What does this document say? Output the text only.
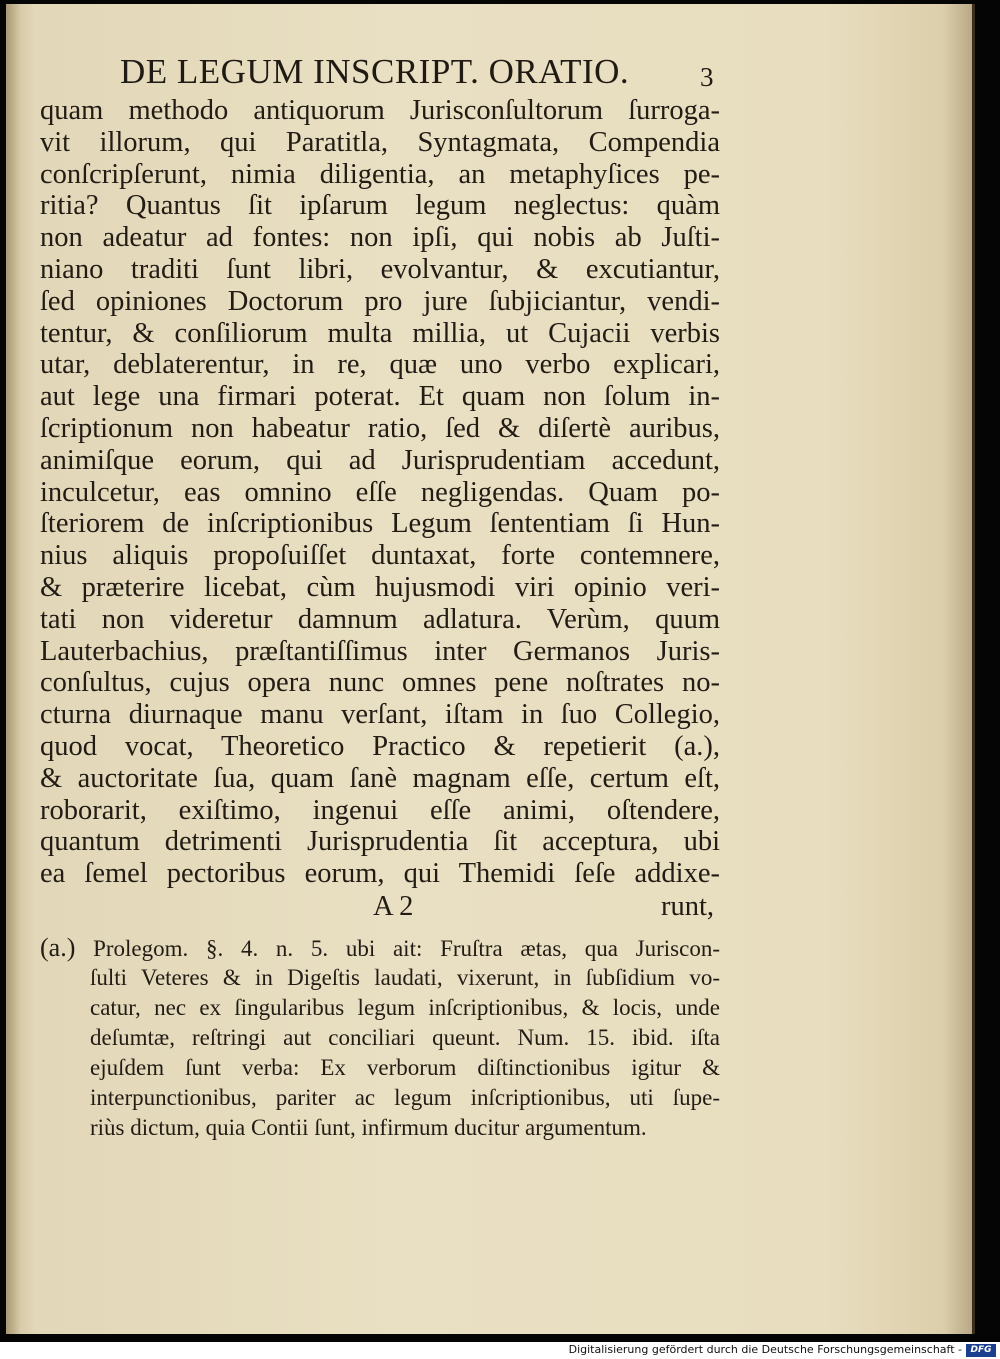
DE LEGUM INSCRIPT. ORATIO.	3
quam methodo antiquorum Jurisconſultorum ſurroga-
vit illorum, qui Paratitla, Syntagmata, Compendia
conſcripſerunt, nimia diligentia, an metaphyſices pe-
ritia? Quantus ſit ipſarum legum neglectus: quàm
non adeatur ad fontes: non ipſi, qui nobis ab Juſti-
niano traditi ſunt libri, evolvantur, & excutiantur,
ſed opiniones Doctorum pro jure ſubjiciantur, vendi-
tentur, & conſiliorum multa millia, ut Cujacii verbis
utar, deblaterentur, in re, quæ uno verbo explicari,
aut lege una firmari poterat. Et quam non ſolum in-
ſcriptionum non habeatur ratio, ſed & diſertè auribus,
animiſque eorum, qui ad Jurisprudentiam accedunt,
inculcetur, eas omnino eſſe negligendas. Quam po-
ſteriorem de inſcriptionibus Legum ſententiam ſi Hun-
nius aliquis propoſuiſſet duntaxat, forte contemnere,
& præterire licebat, cùm hujusmodi viri opinio veri-
tati non videretur damnum adlatura. Verùm, quum
Lauterbachius, præſtantiſſimus inter Germanos Juris-
conſultus, cujus opera nunc omnes pene noſtrates no-
cturna diurnaque manu verſant, iſtam in ſuo Collegio,
quod vocat, Theoretico Practico & repetierit (a.),
& auctoritate ſua, quam ſanè magnam eſſe, certum eſt,
roborarit, exiſtimo, ingenui eſſe animi, oſtendere,
quantum detrimenti Jurisprudentia ſit acceptura, ubi
ea ſemel pectoribus eorum, qui Themidi ſeſe addixe-
A 2	runt,
(a.) Prolegom. §. 4. n. 5. ubi ait: Fruſtra ætas, qua Juriscon-
ſulti Veteres & in Digeſtis laudati, vixerunt, in ſubſidium vo-
catur, nec ex ſingularibus legum inſcriptionibus, & locis, unde
deſumtæ, reſtringi aut conciliari queunt. Num. 15. ibid. iſta
ejuſdem ſunt verba: Ex verborum diſtinctionibus igitur &
interpunctionibus, pariter ac legum inſcriptionibus, uti ſupe-
riùs dictum, quia Contii ſunt, infirmum ducitur argumentum.
Digitalisierung gefördert durch die Deutsche Forschungsgemeinschaft - DFG
